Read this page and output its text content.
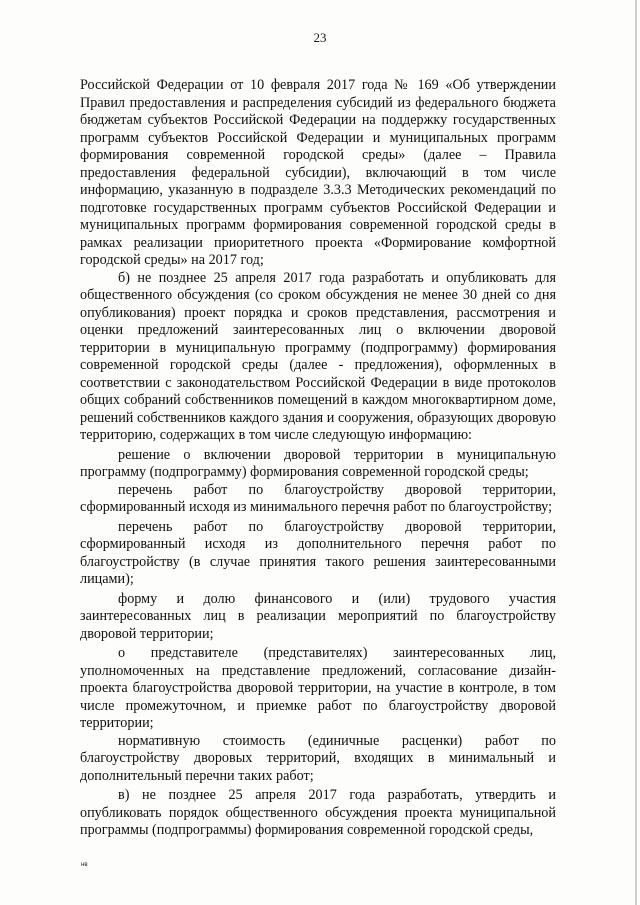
23

Российской Федерации от 10 февраля 2017 года № 169 «Об утверждении Правил предоставления и распределения субсидий из федерального бюджета бюджетам субъектов Российской Федерации на поддержку государственных программ субъектов Российской Федерации и муниципальных программ формирования современной городской среды» (далее – Правила предоставления федеральной субсидии), включающий в том числе информацию, указанную в подразделе 3.3.3 Методических рекомендаций по подготовке государственных программ субъектов Российской Федерации и муниципальных программ формирования современной городской среды в рамках реализации приоритетного проекта «Формирование комфортной городской среды» на 2017 год;

б) не позднее 25 апреля 2017 года разработать и опубликовать для общественного обсуждения (со сроком обсуждения не менее 30 дней со дня опубликования) проект порядка и сроков представления, рассмотрения и оценки предложений заинтересованных лиц о включении дворовой территории в муниципальную программу (подпрограмму) формирования современной городской среды (далее - предложения), оформленных в соответствии с законодательством Российской Федерации в виде протоколов общих собраний собственников помещений в каждом многоквартирном доме, решений собственников каждого здания и сооружения, образующих дворовую территорию, содержащих в том числе следующую информацию:

решение о включении дворовой территории в муниципальную программу (подпрограмму) формирования современной городской среды;

перечень работ по благоустройству дворовой территории, сформированный исходя из минимального перечня работ по благоустройству;

перечень работ по благоустройству дворовой территории, сформированный исходя из дополнительного перечня работ по благоустройству (в случае принятия такого решения заинтересованными лицами);

форму и долю финансового и (или) трудового участия заинтересованных лиц в реализации мероприятий по благоустройству дворовой территории;

о представителе (представителях) заинтересованных лиц, уполномоченных на представление предложений, согласование дизайн-проекта благоустройства дворовой территории, на участие в контроле, в том числе промежуточном, и приемке работ по благоустройству дворовой территории;

нормативную стоимость (единичные расценки) работ по благоустройству дворовых территорий, входящих в минимальный и дополнительный перечни таких работ;

в) не позднее 25 апреля 2017 года разработать, утвердить и опубликовать порядок общественного обсуждения проекта муниципальной программы (подпрограммы) формирования современной городской среды,

нв
